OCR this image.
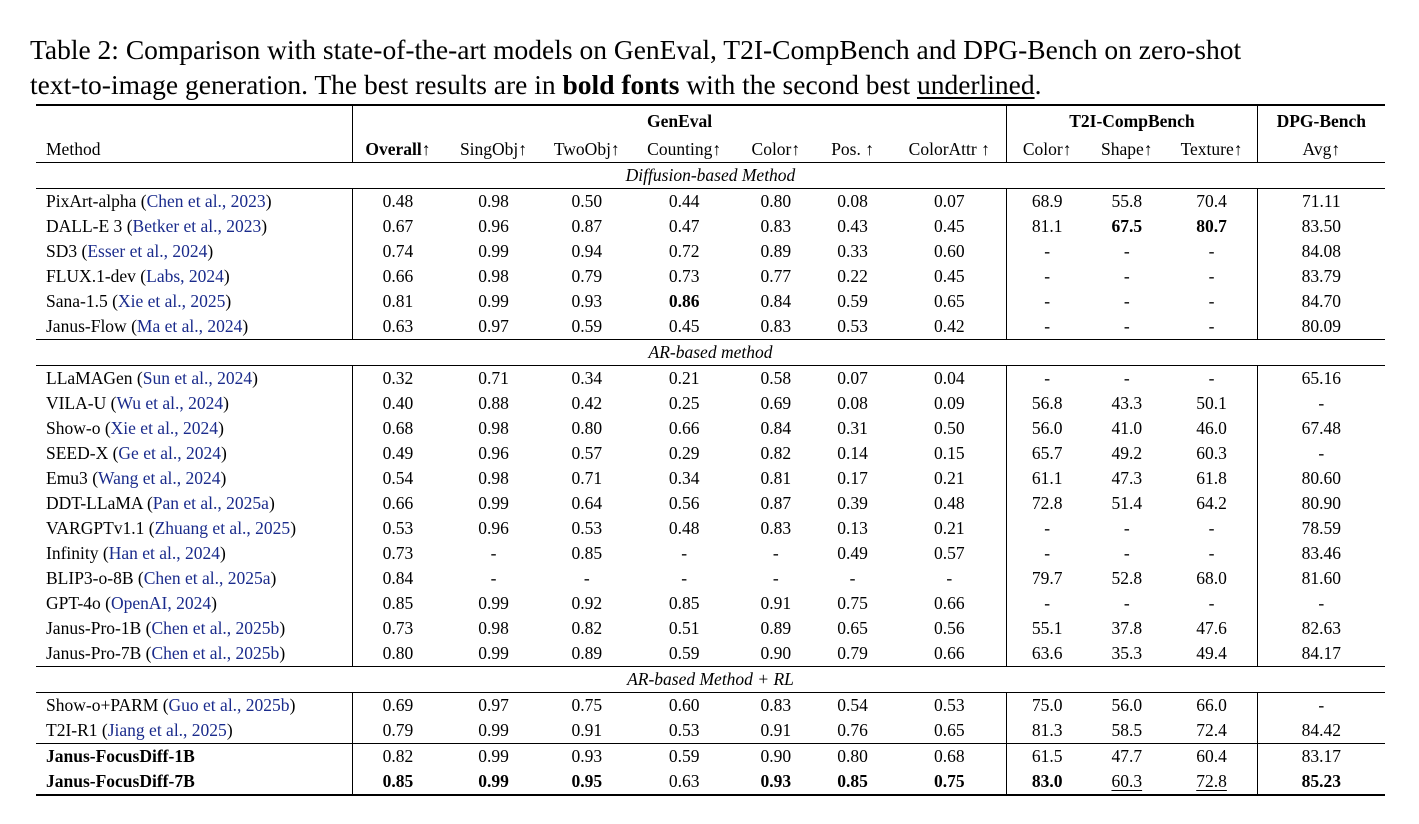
Table 2: Comparison with state-of-the-art models on GenEval, T2I-CompBench and DPG-Bench on zero-shot
text-to-image generation. The best results are in bold fonts with the second best underlined.
	GenEval							T2I-CompBench			DPG-Bench
Method	Overall↑	SingObj↑	TwoObj↑	Counting↑	Color↑	Pos. ↑	ColorAttr ↑	Color↑	Shape↑	Texture↑	Avg↑
Diffusion-based Method											
PixArt-alpha (Chen et al., 2023)	0.48	0.98	0.50	0.44	0.80	0.08	0.07	68.9	55.8	70.4	71.11
DALL-E 3 (Betker et al., 2023)	0.67	0.96	0.87	0.47	0.83	0.43	0.45	81.1	67.5	80.7	83.50
SD3 (Esser et al., 2024)	0.74	0.99	0.94	0.72	0.89	0.33	0.60	-	-	-	84.08
FLUX.1-dev (Labs, 2024)	0.66	0.98	0.79	0.73	0.77	0.22	0.45	-	-	-	83.79
Sana-1.5 (Xie et al., 2025)	0.81	0.99	0.93	0.86	0.84	0.59	0.65	-	-	-	84.70
Janus-Flow (Ma et al., 2024)	0.63	0.97	0.59	0.45	0.83	0.53	0.42	-	-	-	80.09
AR-based method											
LLaMAGen (Sun et al., 2024)	0.32	0.71	0.34	0.21	0.58	0.07	0.04	-	-	-	65.16
VILA-U (Wu et al., 2024)	0.40	0.88	0.42	0.25	0.69	0.08	0.09	56.8	43.3	50.1	-
Show-o (Xie et al., 2024)	0.68	0.98	0.80	0.66	0.84	0.31	0.50	56.0	41.0	46.0	67.48
SEED-X (Ge et al., 2024)	0.49	0.96	0.57	0.29	0.82	0.14	0.15	65.7	49.2	60.3	-
Emu3 (Wang et al., 2024)	0.54	0.98	0.71	0.34	0.81	0.17	0.21	61.1	47.3	61.8	80.60
DDT-LLaMA (Pan et al., 2025a)	0.66	0.99	0.64	0.56	0.87	0.39	0.48	72.8	51.4	64.2	80.90
VARGPTv1.1 (Zhuang et al., 2025)	0.53	0.96	0.53	0.48	0.83	0.13	0.21	-	-	-	78.59
Infinity (Han et al., 2024)	0.73	-	0.85	-	-	0.49	0.57	-	-	-	83.46
BLIP3-o-8B (Chen et al., 2025a)	0.84	-	-	-	-	-	-	79.7	52.8	68.0	81.60
GPT-4o (OpenAI, 2024)	0.85	0.99	0.92	0.85	0.91	0.75	0.66	-	-	-	-
Janus-Pro-1B (Chen et al., 2025b)	0.73	0.98	0.82	0.51	0.89	0.65	0.56	55.1	37.8	47.6	82.63
Janus-Pro-7B (Chen et al., 2025b)	0.80	0.99	0.89	0.59	0.90	0.79	0.66	63.6	35.3	49.4	84.17
AR-based Method + RL											
Show-o+PARM (Guo et al., 2025b)	0.69	0.97	0.75	0.60	0.83	0.54	0.53	75.0	56.0	66.0	-
T2I-R1 (Jiang et al., 2025)	0.79	0.99	0.91	0.53	0.91	0.76	0.65	81.3	58.5	72.4	84.42
Janus-FocusDiff-1B	0.82	0.99	0.93	0.59	0.90	0.80	0.68	61.5	47.7	60.4	83.17
Janus-FocusDiff-7B	0.85	0.99	0.95	0.63	0.93	0.85	0.75	83.0	60.3	72.8	85.23
